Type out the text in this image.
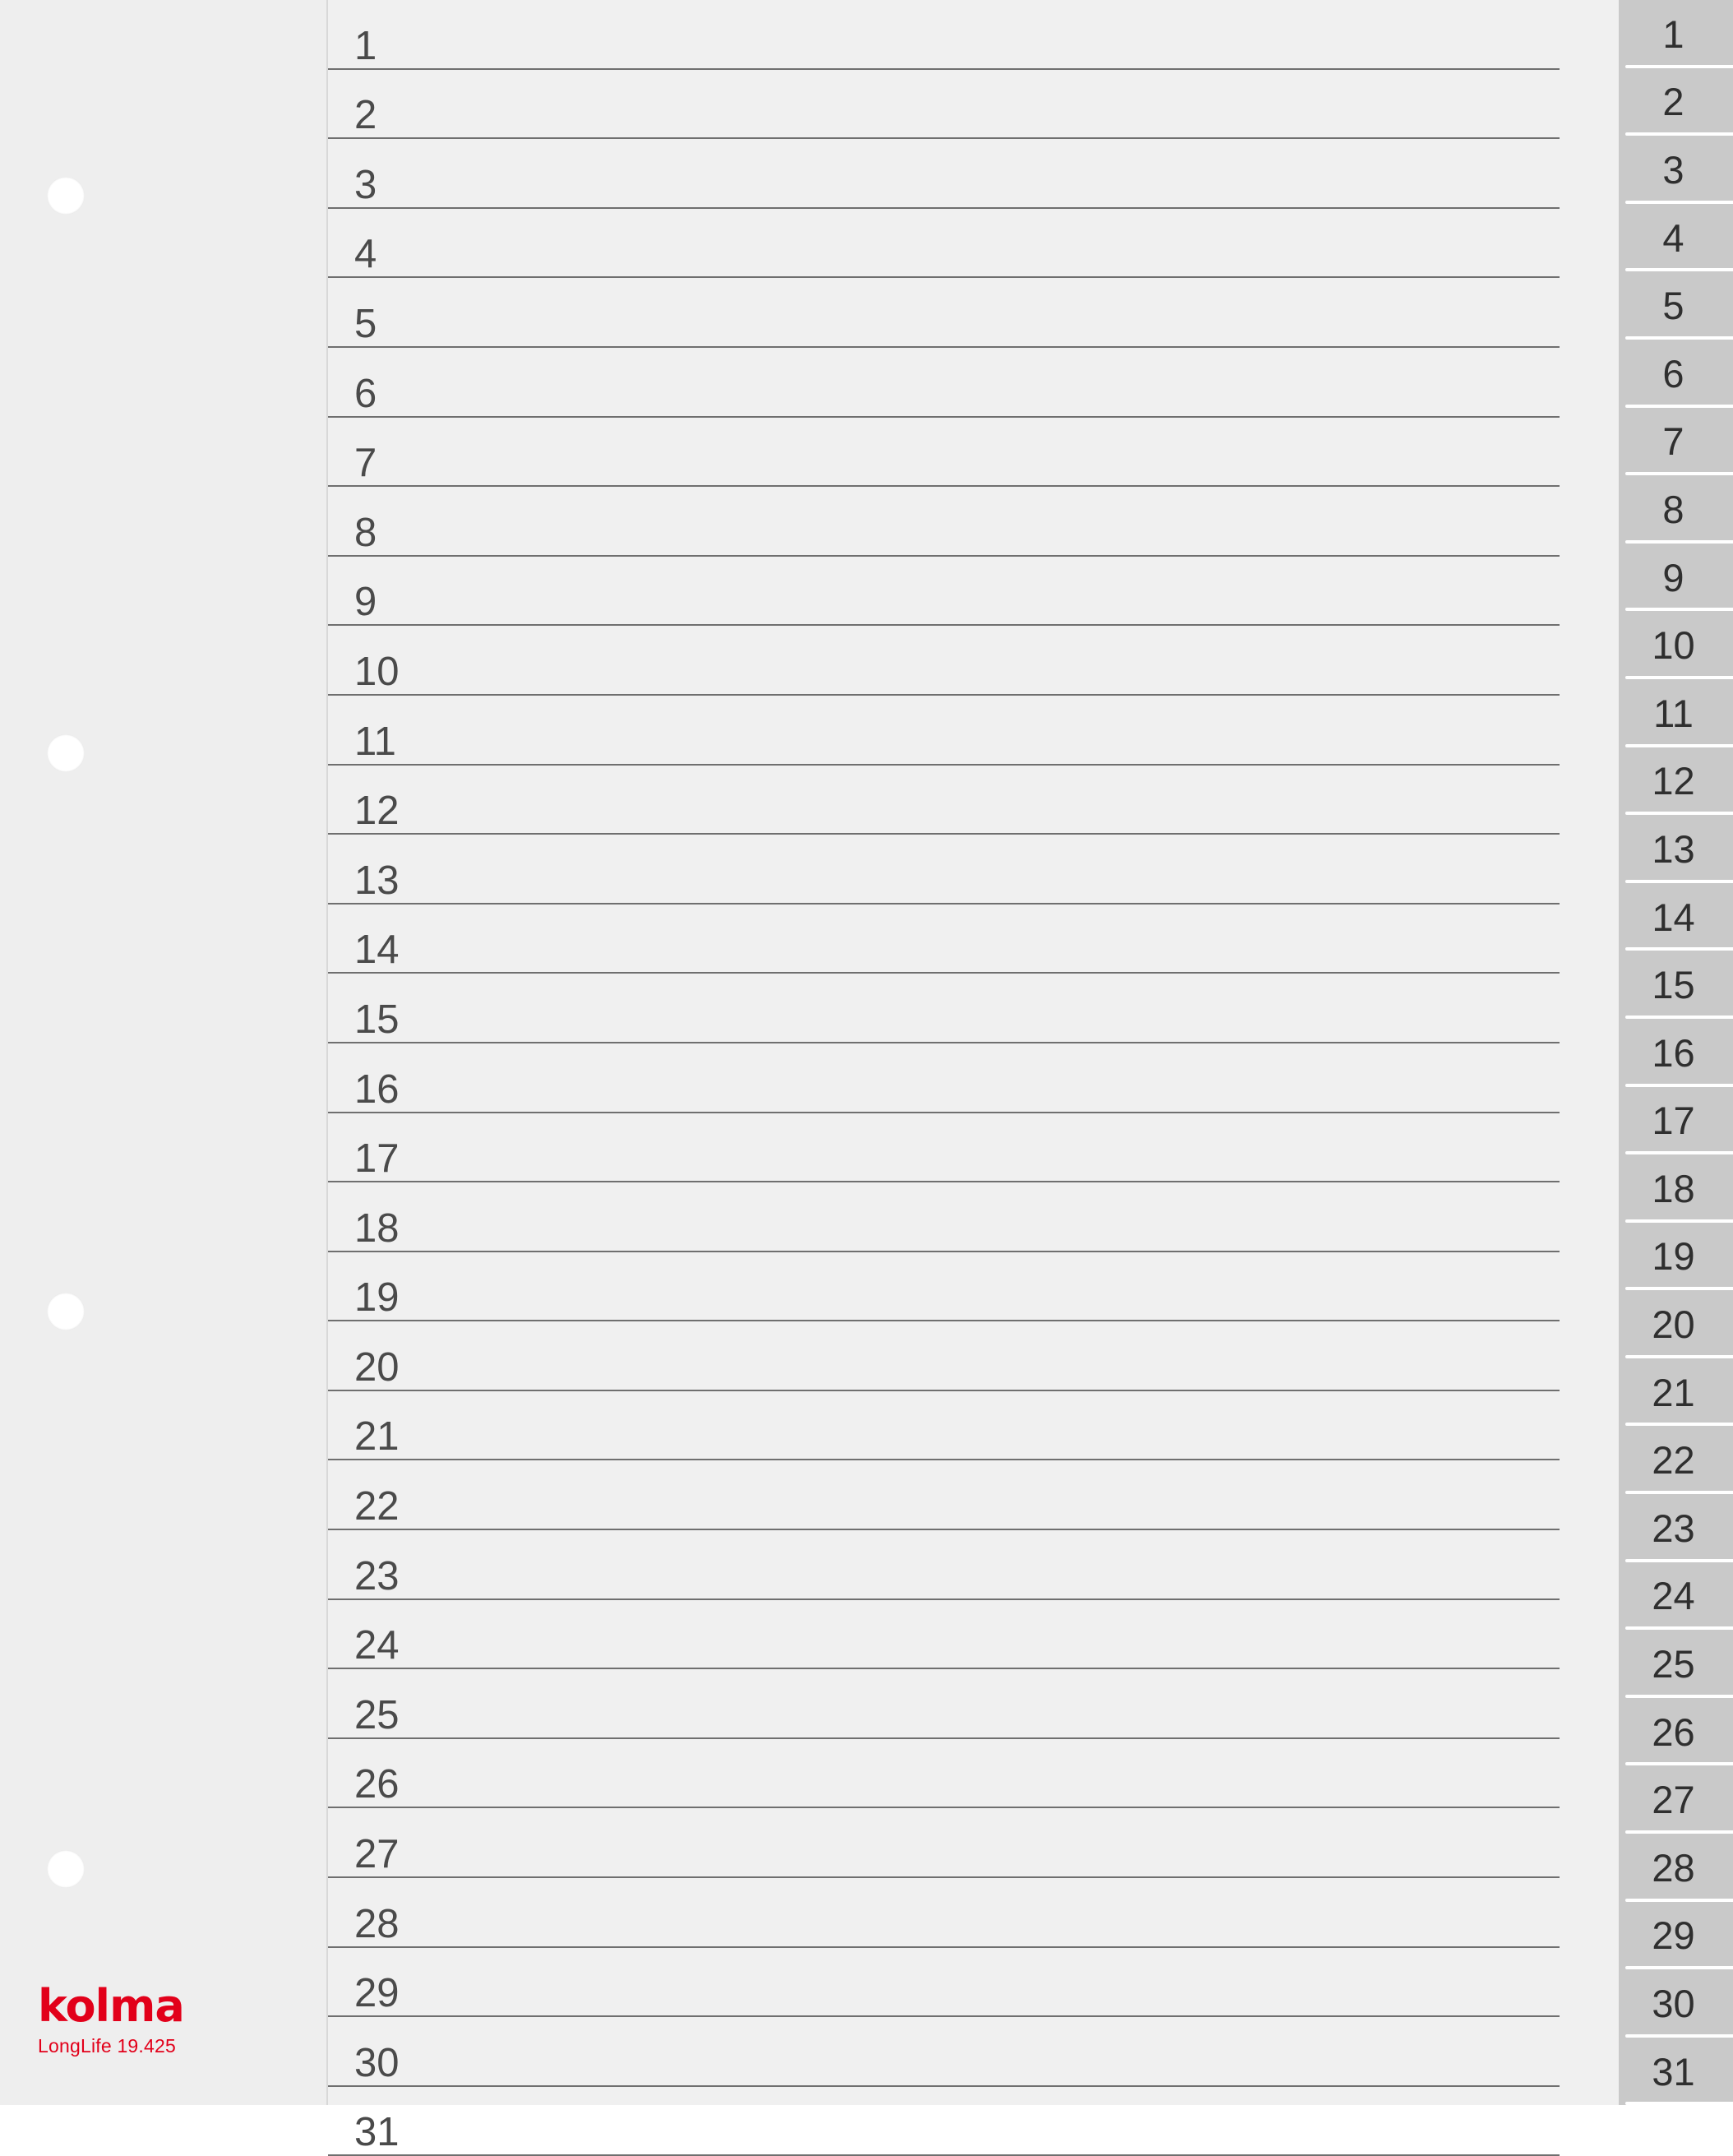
kolma
LongLife 19.425
1
2
3
4
5
6
7
8
9
10
11
12
13
14
15
16
17
18
19
20
21
22
23
24
25
26
27
28
29
30
31
1
2
3
4
5
6
7
8
9
10
11
12
13
14
15
16
17
18
19
20
21
22
23
24
25
26
27
28
29
30
31
